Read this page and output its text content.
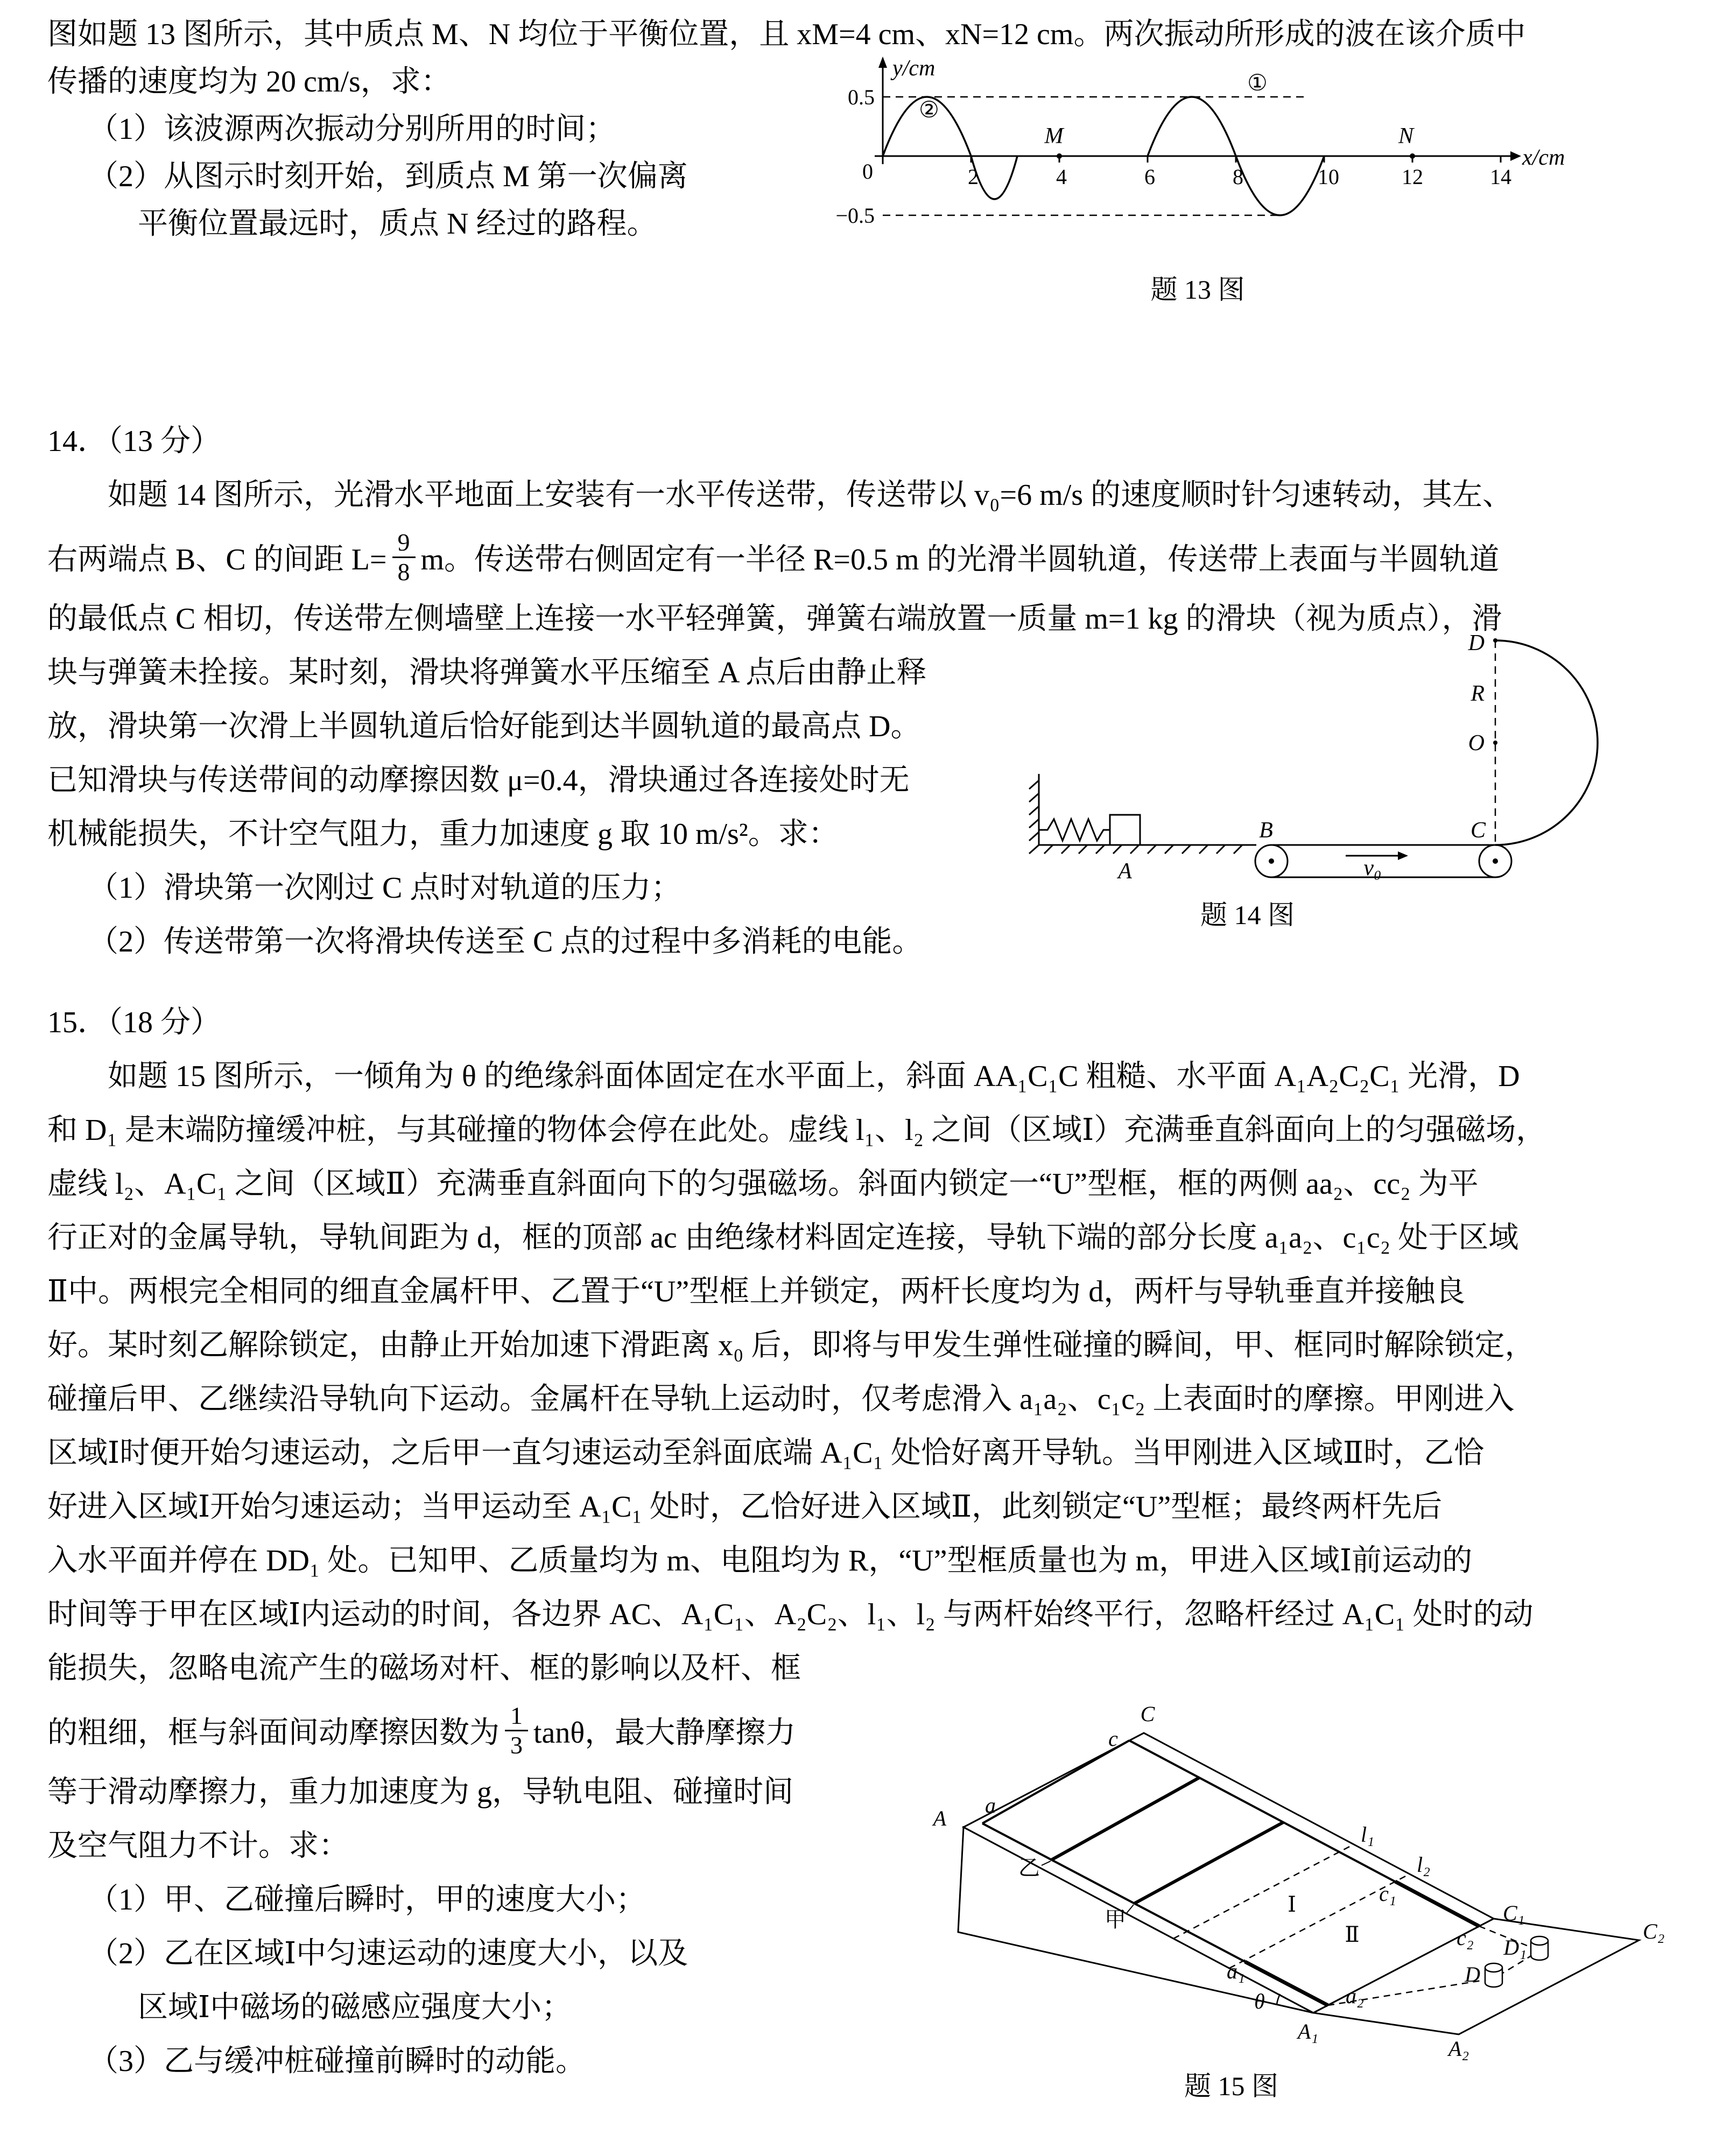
图如题 13 图所示，其中质点 M、N 均位于平衡位置，且 xM=4 cm、xN=12 cm。两次振动所形成的波在该介质中
传播的速度均为 20 cm/s，求：
（1）该波源两次振动分别所用的时间；
（2）从图示时刻开始，到质点 M 第一次偏离
平衡位置最远时，质点 N 经过的路程。
y/cm
x/cm
0
0.5
−0.5
2	4	6	8	10	12	14
②
①
M	N
题 13 图
14．（13 分）
如题 14 图所示，光滑水平地面上安装有一水平传送带，传送带以 v₀=6 m/s 的速度顺时针匀速转动，其左、
右两端点 B、C 的间距 $L= \frac{9}{8}$ m。传送带右侧固定有一半径 R=0.5 m 的光滑半圆轨道，传送带上表面与半圆轨道
的最低点 C 相切，传送带左侧墙壁上连接一水平轻弹簧，弹簧右端放置一质量 m=1 kg 的滑块（视为质点），滑
块与弹簧未拴接。某时刻，滑块将弹簧水平压缩至 A 点后由静止释
放，滑块第一次滑上半圆轨道后恰好能到达半圆轨道的最高点 D。
已知滑块与传送带间的动摩擦因数 μ=0.4，滑块通过各连接处时无
机械能损失，不计空气阻力，重力加速度 g 取 10 m/s²。求：
（1）滑块第一次刚过 C 点时对轨道的压力；
（2）传送带第一次将滑块传送至 C 点的过程中多消耗的电能。
A
B	C
v₀
D
R
O
题 14 图
15．（18 分）
如题 15 图所示，一倾角为 θ 的绝缘斜面体固定在水平面上，斜面 AA₁C₁C 粗糙、水平面 A₁A₂C₂C₁ 光滑，D
和 D₁ 是末端防撞缓冲桩，与其碰撞的物体会停在此处。虚线 l₁、l₂ 之间（区域Ⅰ）充满垂直斜面向上的匀强磁场，
虚线 l₂、A₁C₁ 之间（区域Ⅱ）充满垂直斜面向下的匀强磁场。斜面内锁定一“U”型框，框的两侧 aa₂、cc₂ 为平
行正对的金属导轨，导轨间距为 d，框的顶部 ac 由绝缘材料固定连接，导轨下端的部分长度 a₁a₂、c₁c₂ 处于区域
Ⅱ中。两根完全相同的细直金属杆甲、乙置于“U”型框上并锁定，两杆长度均为 d，两杆与导轨垂直并接触良
好。某时刻乙解除锁定，由静止开始加速下滑距离 x₀ 后，即将与甲发生弹性碰撞的瞬间，甲、框同时解除锁定，
碰撞后甲、乙继续沿导轨向下运动。金属杆在导轨上运动时，仅考虑滑入 a₁a₂、c₁c₂ 上表面时的摩擦。甲刚进入
区域Ⅰ时便开始匀速运动，之后甲一直匀速运动至斜面底端 A₁C₁ 处恰好离开导轨。当甲刚进入区域Ⅱ时，乙恰
好进入区域Ⅰ开始匀速运动；当甲运动至 A₁C₁ 处时，乙恰好进入区域Ⅱ，此刻锁定“U”型框；最终两杆先后
入水平面并停在 DD₁ 处。已知甲、乙质量均为 m、电阻均为 R，“U”型框质量也为 m，甲进入区域Ⅰ前运动的
时间等于甲在区域Ⅰ内运动的时间，各边界 AC、A₁C₁、A₂C₂、l₁、l₂ 与两杆始终平行，忽略杆经过 A₁C₁ 处时的动
能损失，忽略电流产生的磁场对杆、框的影响以及杆、框
的粗细，框与斜面间动摩擦因数为 $\frac{1}{3}$ tanθ，最大静摩擦力
等于滑动摩擦力，重力加速度为 g，导轨电阻、碰撞时间
及空气阻力不计。求：
（1）甲、乙碰撞后瞬时，甲的速度大小；
（2）乙在区域Ⅰ中匀速运动的速度大小，以及
区域Ⅰ中磁场的磁感应强度大小；
（3）乙与缓冲桩碰撞前瞬时的动能。
乙
甲
l₁
l₂
Ⅰ
Ⅱ
θ
D₁
D
A
a
C
c
a₁
a₂
c₁
c₂
A₁
A₂
C₁
C₂
题 15 图
